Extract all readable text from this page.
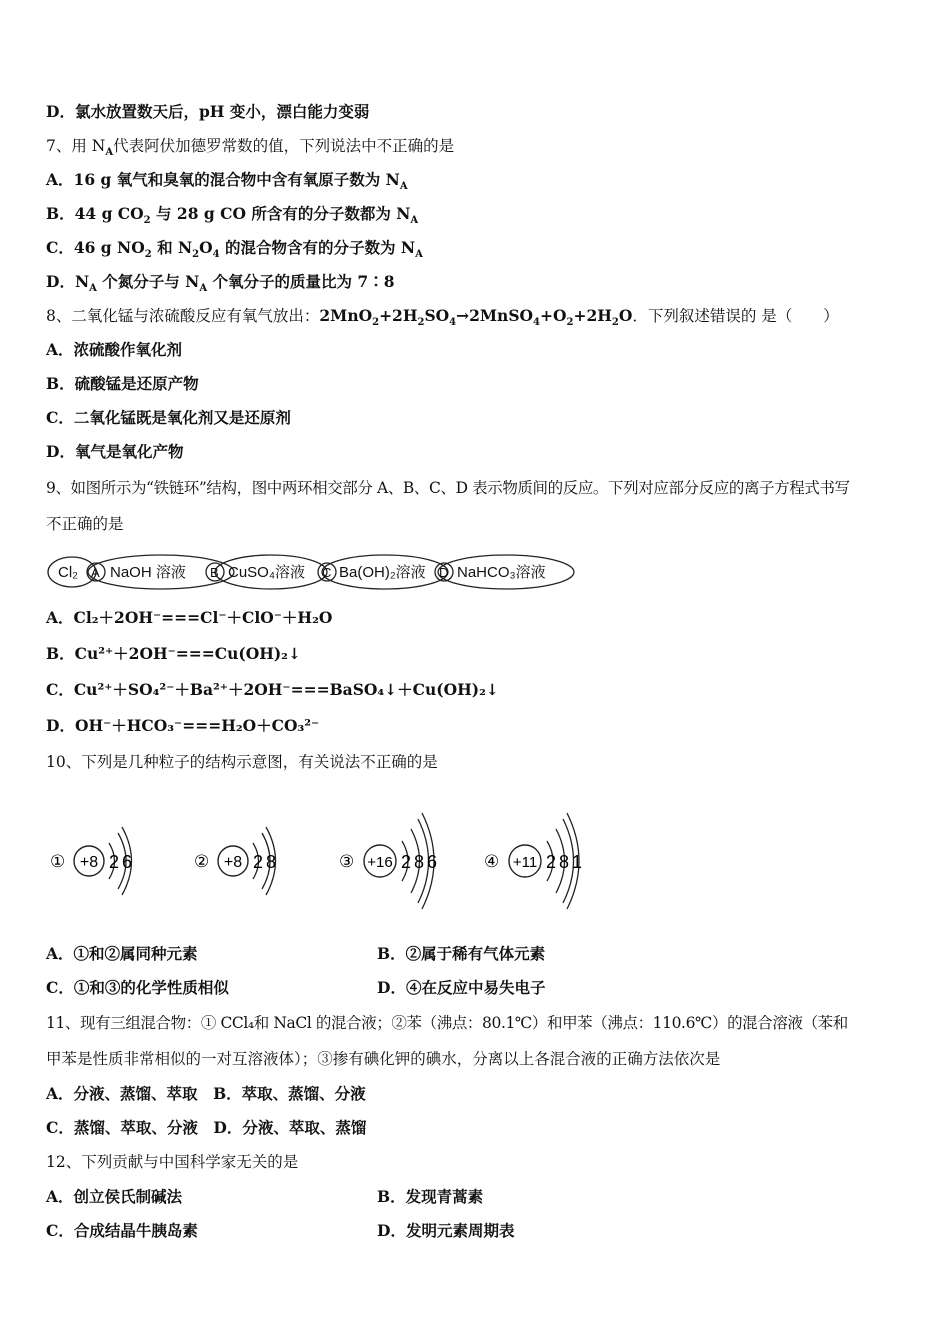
D．氯水放置数天后，pH 变小，漂白能力变弱
7、用 $N_A$代表阿伏加德罗常数的值，下列说法中不正确的是
A．16 g 氧气和臭氧的混合物中含有氧原子数为 $N_A$
B．44 g $CO_2$ 与 28 g CO 所含有的分子数都为 $N_A$
C．46 g $NO_2$ 和 $N_2O_4$ 的混合物含有的分子数为 $N_A$
D．$N_A$ 个氮分子与 $N_A$ 个氧分子的质量比为 7∶8
8、二氧化锰与浓硫酸反应有氧气放出：$2MnO_2+2H_2SO_4\to 2MnSO_4+O_2+2H_2O$．下列叙述错误的 是（　　）
A．浓硫酸作氧化剂
B．硫酸锰是还原产物
C．二氧化锰既是氧化剂又是还原剂
D．氧气是氧化产物
9、如图所示为“铁链环”结构，图中两环相交部分 A、B、C、D 表示物质间的反应。下列对应部分反应的离子方程式书写
不正确的是
Cl₂ A NaOH 溶液 B CuSO₄溶液 C Ba(OH)₂溶液 D NaHCO₃溶液
A．Cl₂＋2OH⁻===Cl⁻＋ClO⁻＋H₂O
B．Cu²⁺＋2OH⁻===Cu(OH)₂↓
C．Cu²⁺＋SO₄²⁻＋Ba²⁺＋2OH⁻===BaSO₄↓＋Cu(OH)₂↓
D．OH⁻＋HCO₃⁻===H₂O＋CO₃²⁻
10、下列是几种粒子的结构示意图，有关说法不正确的是
① +8 2 6	② +8 2 8	③ +16 2 8 6	④ +11 2 8 1
A．①和②属同种元素	B．②属于稀有气体元素
C．①和③的化学性质相似	D．④在反应中易失电子
11、现有三组混合物：① CCl₄和 NaCl 的混合液；②苯（沸点：80.1℃）和甲苯（沸点：110.6℃）的混合溶液（苯和
甲苯是性质非常相似的一对互溶液体）；③掺有碘化钾的碘水，分离以上各混合液的正确方法依次是
A．分液、蒸馏、萃取　 B．萃取、蒸馏、分液
C．蒸馏、萃取、分液　 D．分液、萃取、蒸馏
12、下列贡献与中国科学家无关的是
A．创立侯氏制碱法	B．发现青蒿素
C．合成结晶牛胰岛素	D．发明元素周期表
